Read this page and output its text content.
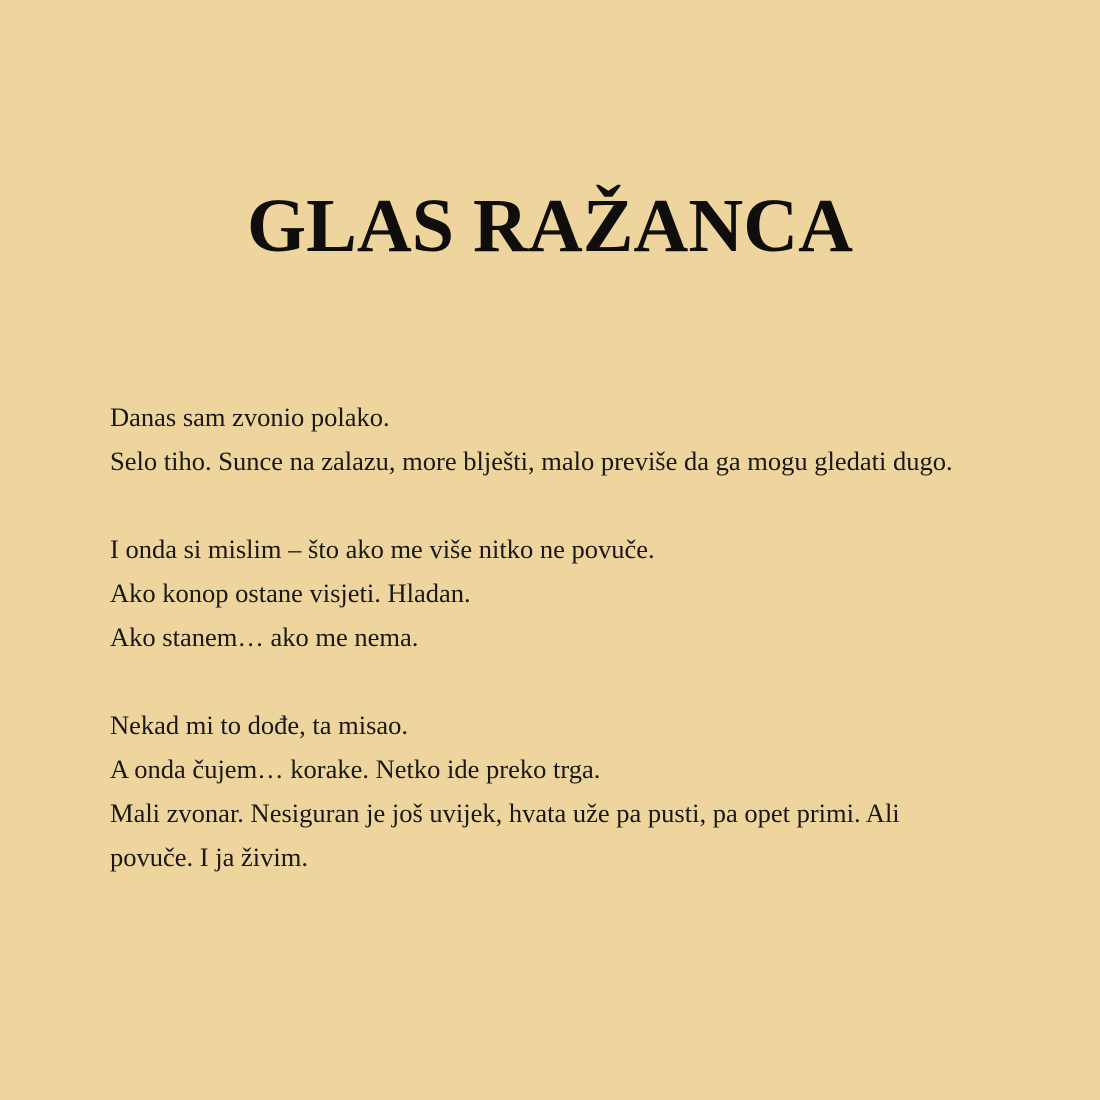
GLAS RAŽANCA
Danas sam zvonio polako.
Selo tiho. Sunce na zalazu, more blješti, malo previše da ga mogu gledati dugo.
I onda si mislim – što ako me više nitko ne povuče.
Ako konop ostane visjeti. Hladan.
Ako stanem… ako me nema.
Nekad mi to dođe, ta misao.
A onda čujem… korake. Netko ide preko trga.
Mali zvonar. Nesiguran je još uvijek, hvata uže pa pusti, pa opet primi. Ali povuče. I ja živim.
